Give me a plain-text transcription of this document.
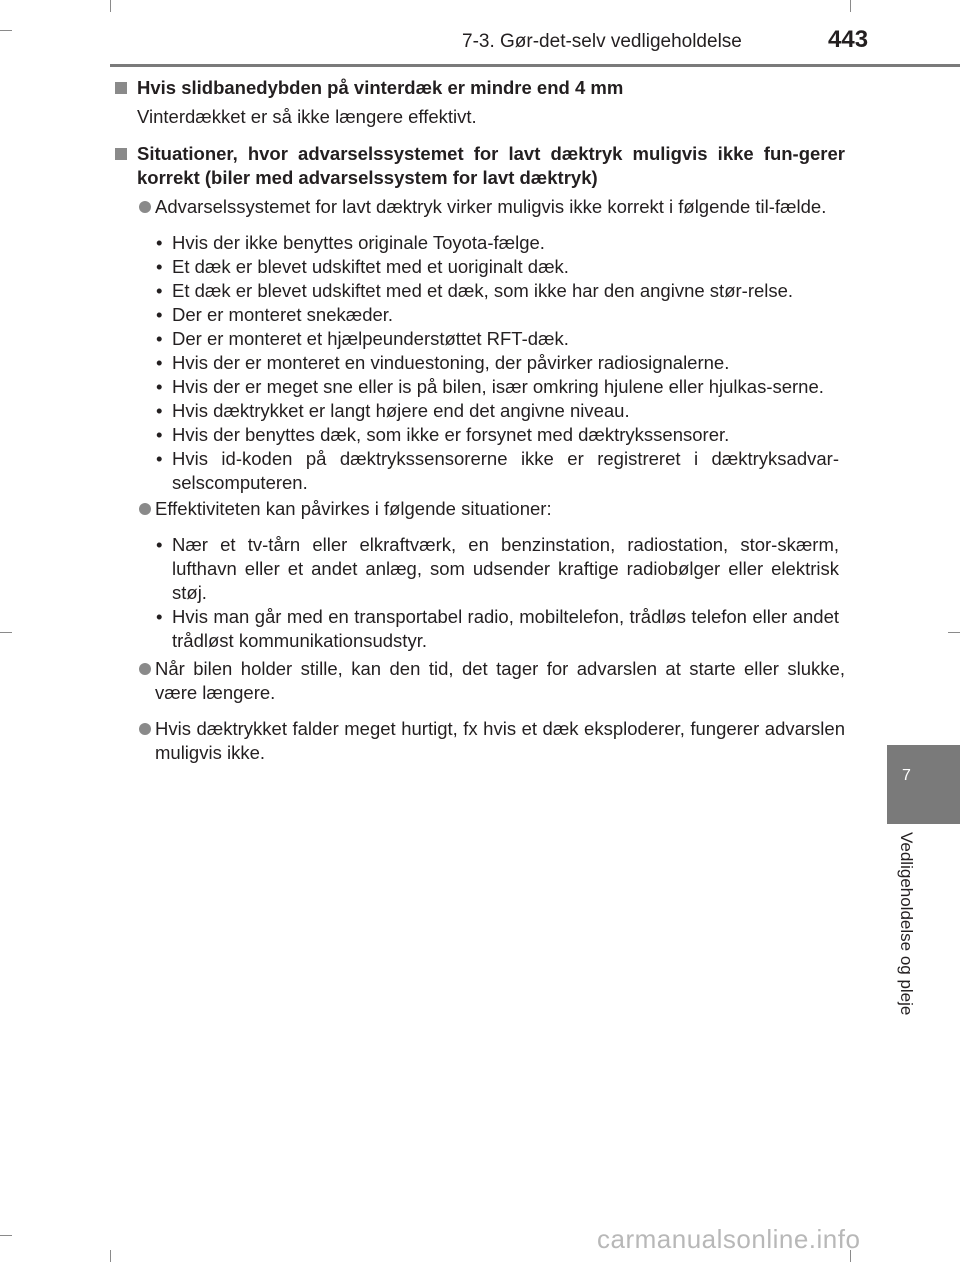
7-3. Gør-det-selv vedligeholdelse	443
7
Vedligeholdelse og pleje
Hvis slidbanedybden på vinterdæk er mindre end 4 mm
Vinterdækket er så ikke længere effektivt.
Situationer, hvor advarselssystemet for lavt dæktryk muligvis ikke fun-gerer korrekt (biler med advarselssystem for lavt dæktryk)
Advarselssystemet for lavt dæktryk virker muligvis ikke korrekt i følgende til-fælde.
• Hvis der ikke benyttes originale Toyota-fælge.
• Et dæk er blevet udskiftet med et uoriginalt dæk.
• Et dæk er blevet udskiftet med et dæk, som ikke har den angivne stør-relse.
• Der er monteret snekæder.
• Der er monteret et hjælpeunderstøttet RFT-dæk.
• Hvis der er monteret en vinduestoning, der påvirker radiosignalerne.
• Hvis der er meget sne eller is på bilen, især omkring hjulene eller hjulkas-serne.
• Hvis dæktrykket er langt højere end det angivne niveau.
• Hvis der benyttes dæk, som ikke er forsynet med dæktrykssensorer.
• Hvis id-koden på dæktrykssensorerne ikke er registreret i dæktryksadvar-selscomputeren.
Effektiviteten kan påvirkes i følgende situationer:
• Nær et tv-tårn eller elkraftværk, en benzinstation, radiostation, stor-skærm, lufthavn eller et andet anlæg, som udsender kraftige radiobølger eller elektrisk støj.
• Hvis man går med en transportabel radio, mobiltelefon, trådløs telefon eller andet trådløst kommunikationsudstyr.
Når bilen holder stille, kan den tid, det tager for advarslen at starte eller slukke, være længere.
Hvis dæktrykket falder meget hurtigt, fx hvis et dæk eksploderer, fungerer advarslen muligvis ikke.
carmanualsonline.info
